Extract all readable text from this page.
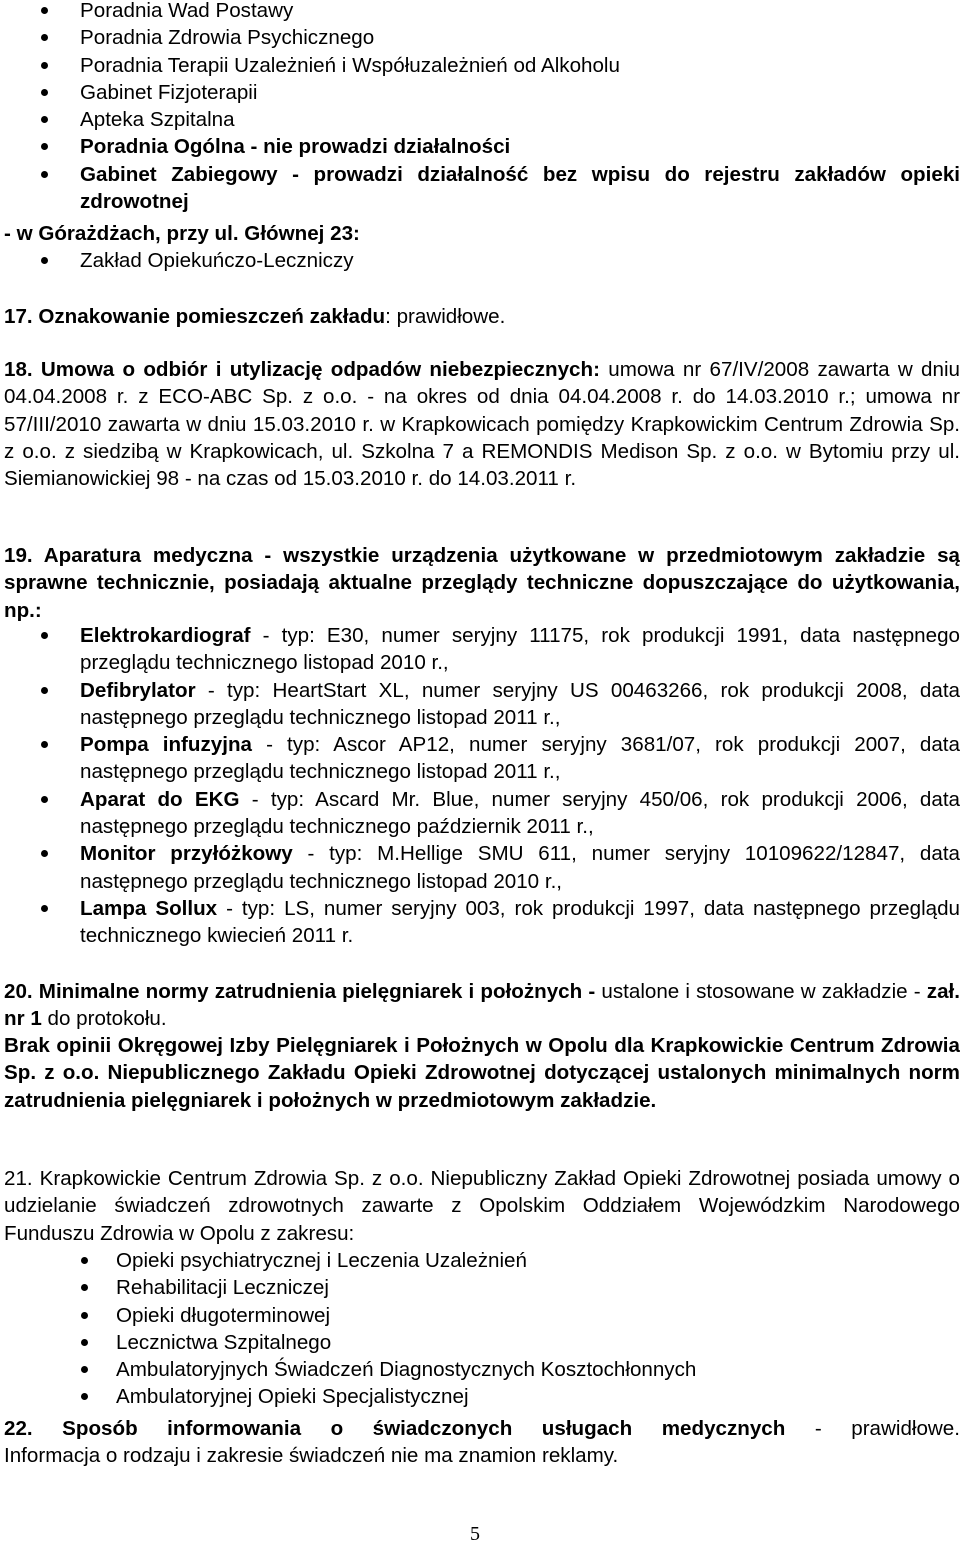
Poradnia Wad Postawy
Poradnia Zdrowia Psychicznego
Poradnia Terapii Uzależnień i Współuzależnień od Alkoholu
Gabinet Fizjoterapii
Apteka Szpitalna
Poradnia Ogólna - nie prowadzi działalności
Gabinet Zabiegowy - prowadzi działalność bez wpisu do rejestru zakładów opieki zdrowotnej
- w Górażdżach, przy ul. Głównej 23:
Zakład Opiekuńczo-Leczniczy
17. Oznakowanie pomieszczeń zakładu: prawidłowe.
18. Umowa o odbiór i utylizację odpadów niebezpiecznych: umowa nr 67/IV/2008 zawarta w dniu 04.04.2008 r. z ECO-ABC Sp. z o.o. - na okres od dnia 04.04.2008 r. do 14.03.2010 r.; umowa nr 57/III/2010 zawarta w dniu 15.03.2010 r. w Krapkowicach pomiędzy Krapkowickim Centrum Zdrowia Sp. z o.o. z siedzibą w Krapkowicach, ul. Szkolna 7 a REMONDIS Medison Sp. z o.o. w Bytomiu przy ul. Siemianowickiej 98 - na czas od 15.03.2010 r. do 14.03.2011 r.
19. Aparatura medyczna - wszystkie urządzenia użytkowane w przedmiotowym zakładzie są sprawne technicznie, posiadają aktualne przeglądy techniczne dopuszczające do użytkowania, np.:
Elektrokardiograf - typ: E30, numer seryjny 11175, rok produkcji 1991, data następnego przeglądu technicznego listopad 2010 r.,
Defibrylator - typ: HeartStart XL, numer seryjny US 00463266, rok produkcji 2008, data następnego przeglądu technicznego listopad 2011 r.,
Pompa infuzyjna - typ: Ascor AP12, numer seryjny 3681/07, rok produkcji 2007, data następnego przeglądu technicznego listopad 2011 r.,
Aparat do EKG - typ: Ascard Mr. Blue, numer seryjny 450/06, rok produkcji 2006, data następnego przeglądu technicznego październik 2011 r.,
Monitor przyłóżkowy - typ: M.Hellige SMU 611, numer seryjny 10109622/12847, data następnego przeglądu technicznego listopad 2010 r.,
Lampa Sollux - typ: LS, numer seryjny 003, rok produkcji 1997, data następnego przeglądu technicznego kwiecień 2011 r.
20. Minimalne normy zatrudnienia pielęgniarek i położnych - ustalone i stosowane w zakładzie - zał. nr 1 do protokołu.
Brak opinii Okręgowej Izby Pielęgniarek i Położnych w Opolu dla Krapkowickie Centrum Zdrowia Sp. z o.o. Niepublicznego Zakładu Opieki Zdrowotnej dotyczącej ustalonych minimalnych norm zatrudnienia pielęgniarek i położnych w przedmiotowym zakładzie.
21. Krapkowickie Centrum Zdrowia Sp. z o.o. Niepubliczny Zakład Opieki Zdrowotnej posiada umowy o udzielanie świadczeń zdrowotnych zawarte z Opolskim Oddziałem Wojewódzkim Narodowego Funduszu Zdrowia w Opolu z zakresu:
Opieki psychiatrycznej i Leczenia Uzależnień
Rehabilitacji Leczniczej
Opieki długoterminowej
Lecznictwa Szpitalnego
Ambulatoryjnych Świadczeń Diagnostycznych Kosztochłonnych
Ambulatoryjnej Opieki Specjalistycznej
22. Sposób informowania o świadczonych usługach medycznych - prawidłowe.
Informacja o rodzaju i zakresie świadczeń nie ma znamion reklamy.
5
